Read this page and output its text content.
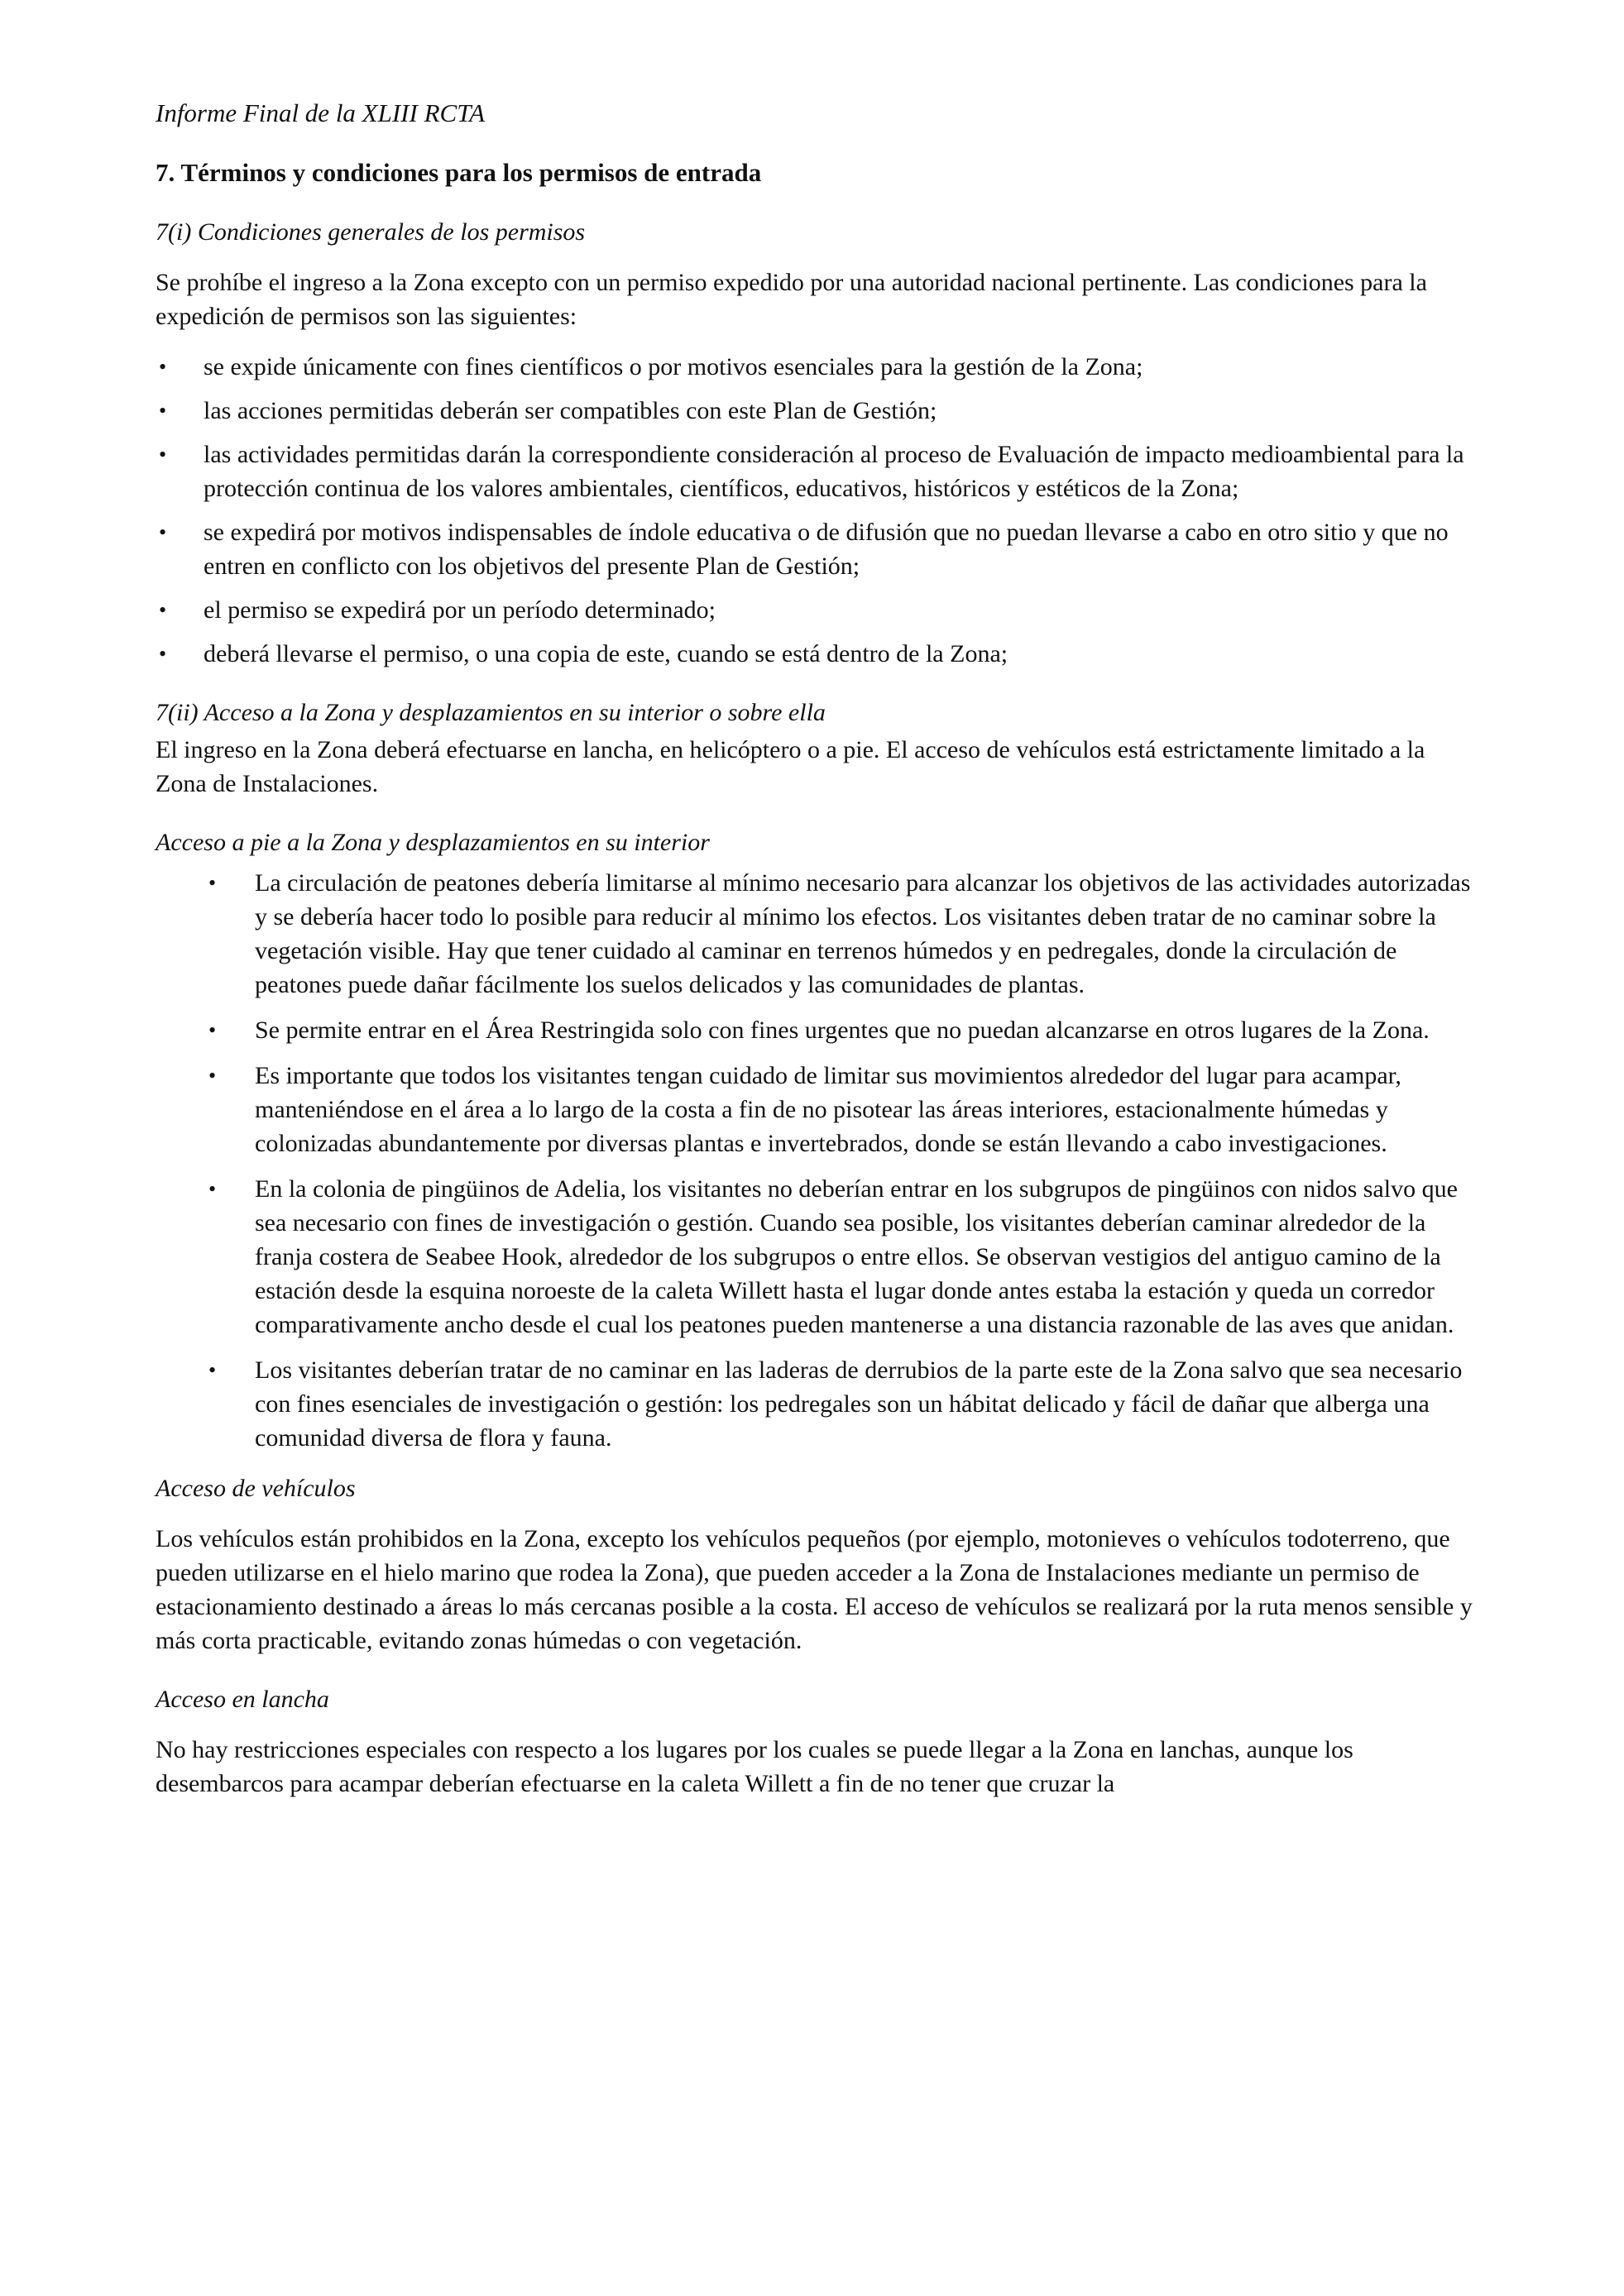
Informe Final de la XLIII RCTA
7. Términos y condiciones para los permisos de entrada
7(i) Condiciones generales de los permisos

Se prohíbe el ingreso a la Zona excepto con un permiso expedido por una autoridad nacional pertinente. Las condiciones para la expedición de permisos son las siguientes:

• se expide únicamente con fines científicos o por motivos esenciales para la gestión de la Zona;
• las acciones permitidas deberán ser compatibles con este Plan de Gestión;
• las actividades permitidas darán la correspondiente consideración al proceso de Evaluación de impacto medioambiental para la protección continua de los valores ambientales, científicos, educativos, históricos y estéticos de la Zona;
• se expedirá por motivos indispensables de índole educativa o de difusión que no puedan llevarse a cabo en otro sitio y que no entren en conflicto con los objetivos del presente Plan de Gestión;
• el permiso se expedirá por un período determinado;
• deberá llevarse el permiso, o una copia de este, cuando se está dentro de la Zona;
7(ii) Acceso a la Zona y desplazamientos en su interior o sobre ella

El ingreso en la Zona deberá efectuarse en lancha, en helicóptero o a pie. El acceso de vehículos está estrictamente limitado a la Zona de Instalaciones.

Acceso a pie a la Zona y desplazamientos en su interior
• La circulación de peatones debería limitarse al mínimo necesario para alcanzar los objetivos de las actividades autorizadas y se debería hacer todo lo posible para reducir al mínimo los efectos. Los visitantes deben tratar de no caminar sobre la vegetación visible. Hay que tener cuidado al caminar en terrenos húmedos y en pedregales, donde la circulación de peatones puede dañar fácilmente los suelos delicados y las comunidades de plantas.
• Se permite entrar en el Área Restringida solo con fines urgentes que no puedan alcanzarse en otros lugares de la Zona.
• Es importante que todos los visitantes tengan cuidado de limitar sus movimientos alrededor del lugar para acampar, manteniéndose en el área a lo largo de la costa a fin de no pisotear las áreas interiores, estacionalmente húmedas y colonizadas abundantemente por diversas plantas e invertebrados, donde se están llevando a cabo investigaciones.
• En la colonia de pingüinos de Adelia, los visitantes no deberían entrar en los subgrupos de pingüinos con nidos salvo que sea necesario con fines de investigación o gestión. Cuando sea posible, los visitantes deberían caminar alrededor de la franja costera de Seabee Hook, alrededor de los subgrupos o entre ellos. Se observan vestigios del antiguo camino de la estación desde la esquina noroeste de la caleta Willett hasta el lugar donde antes estaba la estación y queda un corredor comparativamente ancho desde el cual los peatones pueden mantenerse a una distancia razonable de las aves que anidan.
• Los visitantes deberían tratar de no caminar en las laderas de derrubios de la parte este de la Zona salvo que sea necesario con fines esenciales de investigación o gestión: los pedregales son un hábitat delicado y fácil de dañar que alberga una comunidad diversa de flora y fauna.
Acceso de vehículos

Los vehículos están prohibidos en la Zona, excepto los vehículos pequeños (por ejemplo, motonieves o vehículos todoterreno, que pueden utilizarse en el hielo marino que rodea la Zona), que pueden acceder a la Zona de Instalaciones mediante un permiso de estacionamiento destinado a áreas lo más cercanas posible a la costa. El acceso de vehículos se realizará por la ruta menos sensible y más corta practicable, evitando zonas húmedas o con vegetación.

Acceso en lancha

No hay restricciones especiales con respecto a los lugares por los cuales se puede llegar a la Zona en lanchas, aunque los desembarcos para acampar deberían efectuarse en la caleta Willett a fin de no tener que cruzar la
